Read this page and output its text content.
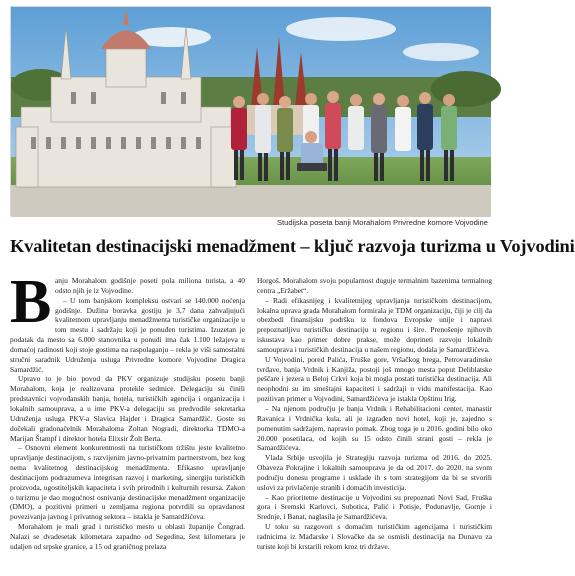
Studijska poseta banji Morahalom Privredne komore Vojvodine
Kvalitetan destinacijski menadžment – ključ razvoja turizma u Vojvodini
B anju Morahalom godišnje poseti pola miliona turista, a 40 odsto njih je iz Vojvodine.

– U tom banjskom kompleksu ostvari se 140.000 noćenja godišnje. Dužina boravka gostiju je 3,7 dana zahvaljujući kvalitetnom upravljanju menadžmenta turističke organizacije u tom mestu i sadržaju koji je ponuđen turistima. Izuzetan je podatak da mesto sa 6.000 stanovnika u ponudi ima čak 1.100 ležajeva u domaćoj radinosti koji stoje gostima na raspolaganju – rekla je viši samostalni stručni saradnik Udruženja usluga Privredne komore Vojvodine Dragica Samardžić.

Upravo to je bio povod da PKV organizuje studijsku posetu banji Morahalom, koja je realizovana protekle sedmice. Delegaciju su činili predstavnici vojvođanskih banja, hotela, turističkih agencija i organizacija i lokalnih samouprava, a u ime PKV-a delegaciju su predvodile sekretarka Udruženja usluga PKV-a Slavica Hajder i Dragica Samardžić. Goste su dočekali gradonačelnik Morahaloma Zoltan Nogradi, direktorka TDMO-a Marijan Štampf i direktor hotela Elixsir Žolt Berta.

– Osnovni element konkurentnosti na turističkom tržištu jeste kvalitetno upravljanje destinacijom, s razvijenim javno-privatnim partnerstvom, bez kog nema kvalitetnog destinacijskog menadžmenta. Efikasno upravljanje destinacijom podrazumeva integrisan razvoj i marketing, sinergiju turističkih proizvoda, ugostiteljskih kapaciteta i svih prirodnih i kulturnih resursa. Zakon o turizmu je dao mogućnost osnivanja destinacijske menadžment organizacije (DMO), a pozitivni primeri u zemljama regiona potvrdili su opravdanost povezivanja javnog i privatnog sektora – istakla je Samardžićeva.

Morahalom je mali grad i turističko mesto u oblasti županije Čongrad. Nalazi se dvadesetak kilometara zapadno od Segedina, šest kilometara je udaljen od srpske granice, a 15 od graničnog prelaza

Horgoš. Morahalom svoju popularnost duguje termalnim bazenima termalnog centra „Eržabet“.

– Radi efikasnijeg i kvalitetnijeg upravljanja turističkom destinacijom, lokalna uprava grada Morahalom formirala je TDM organizaciju, čiji je cilj da obezbedi finansijsku podršku iz fondova Evropske unije i napravi prepoznatljivu turističku destinaciju u regionu i šire. Prenošenje njihovih iskustava kao primer dobre prakse, može doprineti razvoju lokalnih samouprava i turističkih destinacija u našem regionu, dodala je Samardžićeva.

U Vojvodini, pored Palića, Fruške gore, Vršačkog brega, Petrovaradinske tvrđave, banja Vrdnik i Kanjiža, postoji još mnogo mesta poput Deliblatske peščare i jezera u Beloj Crkvi koja bi mogla postati turistička destinacija. Ali neophodni su im smeštajni kapaciteti i sadržaji u vidu manifestacija. Kao pozitivan primer u Vojvodini, Samardžićeva je istakla Opštinu Irig.

– Na njenom području je banja Vrdnik i Rehabilitacioni center, manastir Ravanica i Vrdnička kula, ali je izgrađen novi hotel, koji je, zajedno s pomenutim sadržajem, napravio pomak. Zbog toga je u 2016. godini bilo oko 20.000 posetilaca, od kojih su 15 odsto činili strani gosti – rekla je Samardžićeva.

Vlada Srbije usvojila je Strategiju razvoja turizma od 2016. do 2025. Obaveza Pokrajine i lokalnih samouprava je da od 2017. do 2020. na svom području donesu programe i usklade ih s tom strategijom da bi se stvorili uslovi za privlačenje stranih i domaćih investicija.

– Kao prioritetne destinacije u Vojvodini su prepoznati Novi Sad, Fruška gora i Sremski Karlovci, Subotica, Palić i Potisje, Podunavlje, Gornje i Srednje, i Banat, naglasila je Samardžićeva.

U toku su razgovori s domaćim turističkim agencijama i turističkim radnicima iz Mađarske i Slovačke da se osmisli destinacija na Dunavu za turiste koji bi krstarili rekom kroz tri države.
